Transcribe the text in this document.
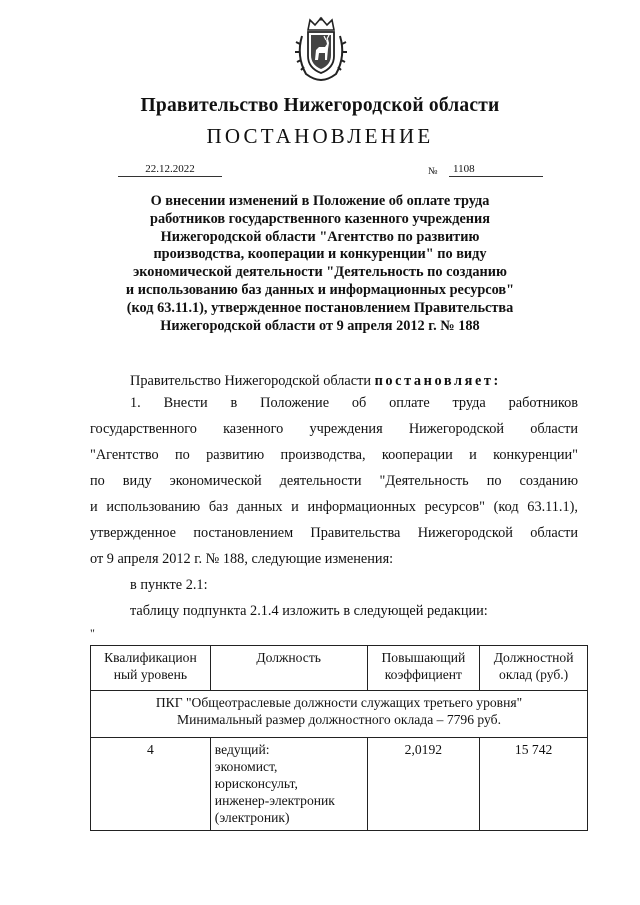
Правительство Нижегородской области
ПОСТАНОВЛЕНИЕ
22.12.2022	№	1108
О внесении изменений в Положение об оплате труда
работников государственного казенного учреждения
Нижегородской области "Агентство по развитию
производства, кооперации и конкуренции" по виду
экономической деятельности "Деятельность по созданию
и использованию баз данных и информационных ресурсов"
(код 63.11.1), утвержденное постановлением Правительства
Нижегородской области от 9 апреля 2012 г. № 188
Правительство Нижегородской области постановляет:
1. Внести в Положение об оплате труда работников
государственного казенного учреждения Нижегородской области
"Агентство по развитию производства, кооперации и конкуренции"
по виду экономической деятельности "Деятельность по созданию
и использованию баз данных и информационных ресурсов" (код 63.11.1),
утвержденное постановлением Правительства Нижегородской области
от 9 апреля 2012 г. № 188, следующие изменения:
в пункте 2.1:
таблицу подпункта 2.1.4 изложить в следующей редакции:
"
Квалификацион ный уровень	Должность	Повышающий коэффициент	Должностной оклад (руб.)

ПКГ "Общеотраслевые должности служащих третьего уровня"
Минимальный размер должностного оклада – 7796 руб.			

4	ведущий:
экономист,
юрисконсульт,
инженер-электроник
(электроник)	2,0192	15 742
